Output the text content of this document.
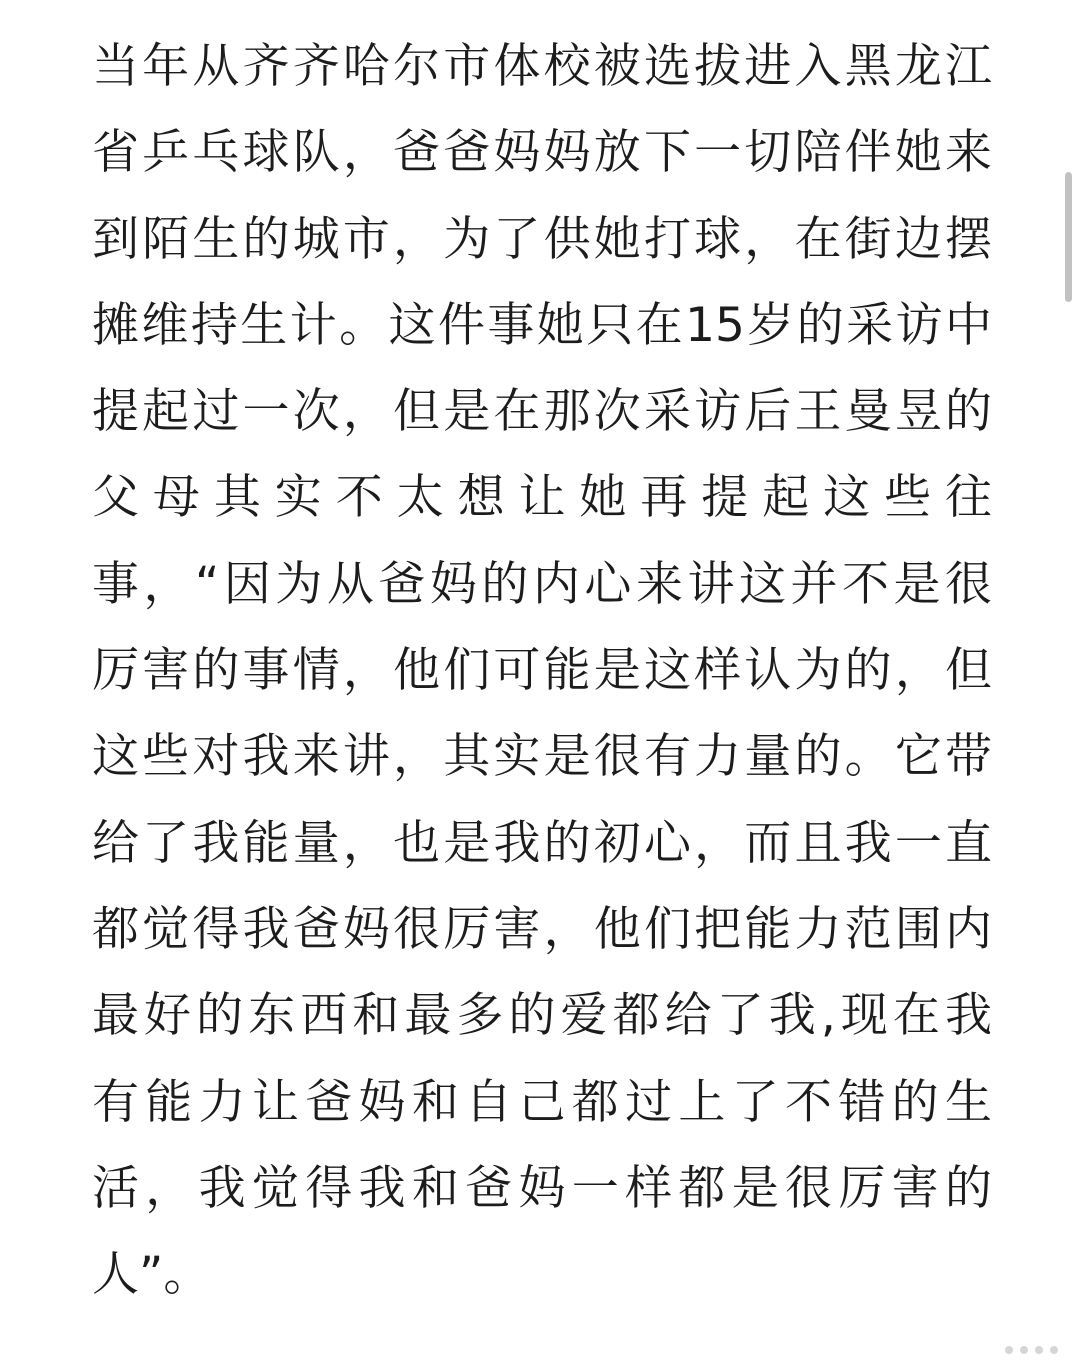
当年从齐齐哈尔市体校被选拔进入黑龙江
省乒乓球队，爸爸妈妈放下一切陪伴她来
到陌生的城市，为了供她打球，在街边摆
摊维持生计。这件事她只在15岁的采访中
提起过一次，但是在那次采访后王曼昱的
父母其实不太想让她再提起这些往
事，“因为从爸妈的内心来讲这并不是很
厉害的事情，他们可能是这样认为的，但
这些对我来讲，其实是很有力量的。它带
给了我能量，也是我的初心，而且我一直
都觉得我爸妈很厉害，他们把能力范围内
最好的东西和最多的爱都给了我,现在我
有能力让爸妈和自己都过上了不错的生
活，我觉得我和爸妈一样都是很厉害的
人”。
